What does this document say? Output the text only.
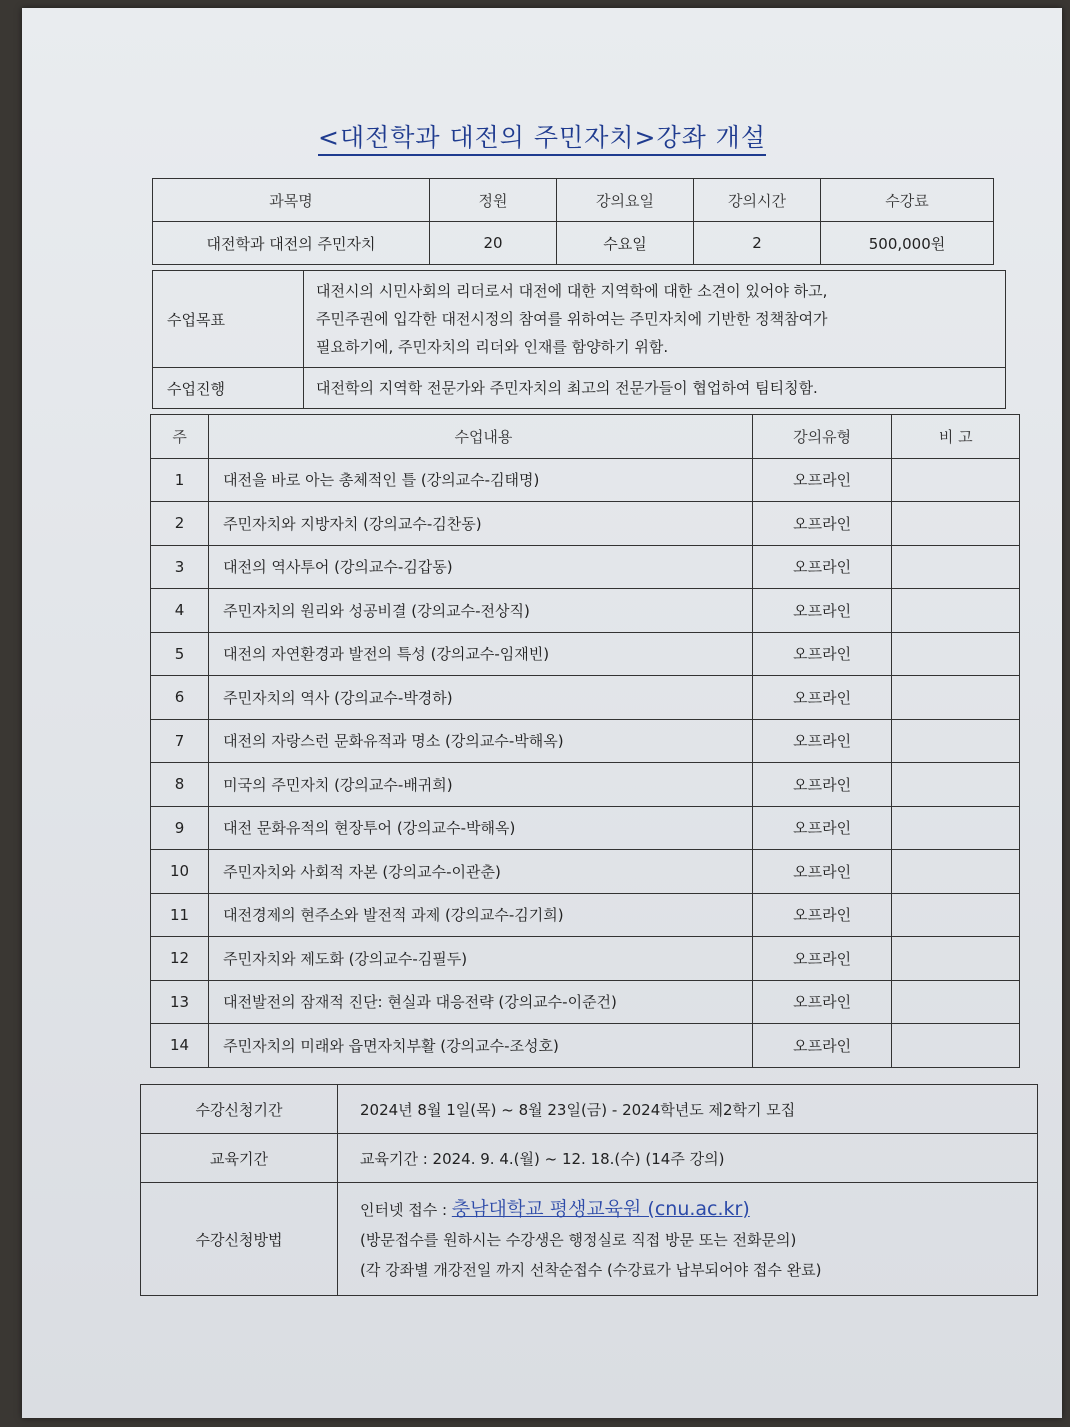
<대전학과 대전의 주민자치>강좌 개설
과목명	정원	강의요일	강의시간	수강료
대전학과 대전의 주민자치	20	수요일	2	500,000원
수업목표	대전시의 시민사회의 리더로서 대전에 대한 지역학에 대한 소견이 있어야 하고,
주민주권에 입각한 대전시정의 참여를 위하여는 주민자치에 기반한 정책참여가
필요하기에, 주민자치의 리더와 인재를 함양하기 위함.

수업진행	대전학의 지역학 전문가와 주민자치의 최고의 전문가들이 협업하여 팀티칭함.
주	수업내용	강의유형	비 고
1	대전을 바로 아는 총체적인 틀 (강의교수-김태명)	오프라인	
2	주민자치와 지방자치 (강의교수-김찬동)	오프라인	
3	대전의 역사투어 (강의교수-김갑동)	오프라인	
4	주민자치의 원리와 성공비결 (강의교수-전상직)	오프라인	
5	대전의 자연환경과 발전의 특성 (강의교수-임재빈)	오프라인	
6	주민자치의 역사 (강의교수-박경하)	오프라인	
7	대전의 자랑스런 문화유적과 명소 (강의교수-박해옥)	오프라인	
8	미국의 주민자치 (강의교수-배귀희)	오프라인	
9	대전 문화유적의 현장투어 (강의교수-박해옥)	오프라인	
10	주민자치와 사회적 자본 (강의교수-이관춘)	오프라인	
11	대전경제의 현주소와 발전적 과제 (강의교수-김기희)	오프라인	
12	주민자치와 제도화 (강의교수-김필두)	오프라인	
13	대전발전의 잠재적 진단: 현실과 대응전략 (강의교수-이준건)	오프라인	
14	주민자치의 미래와 읍면자치부활 (강의교수-조성호)	오프라인	
수강신청기간	2024년 8월 1일(목) ~ 8월 23일(금) - 2024학년도 제2학기 모집
교육기간	교육기간 : 2024. 9. 4.(월) ~ 12. 18.(수) (14주 강의)
수강신청방법	인터넷 접수 : 충남대학교 평생교육원 (cnu.ac.kr)
(방문접수를 원하시는 수강생은 행정실로 직접 방문 또는 전화문의)
(각 강좌별 개강전일 까지 선착순접수 (수강료가 납부되어야 접수 완료)
